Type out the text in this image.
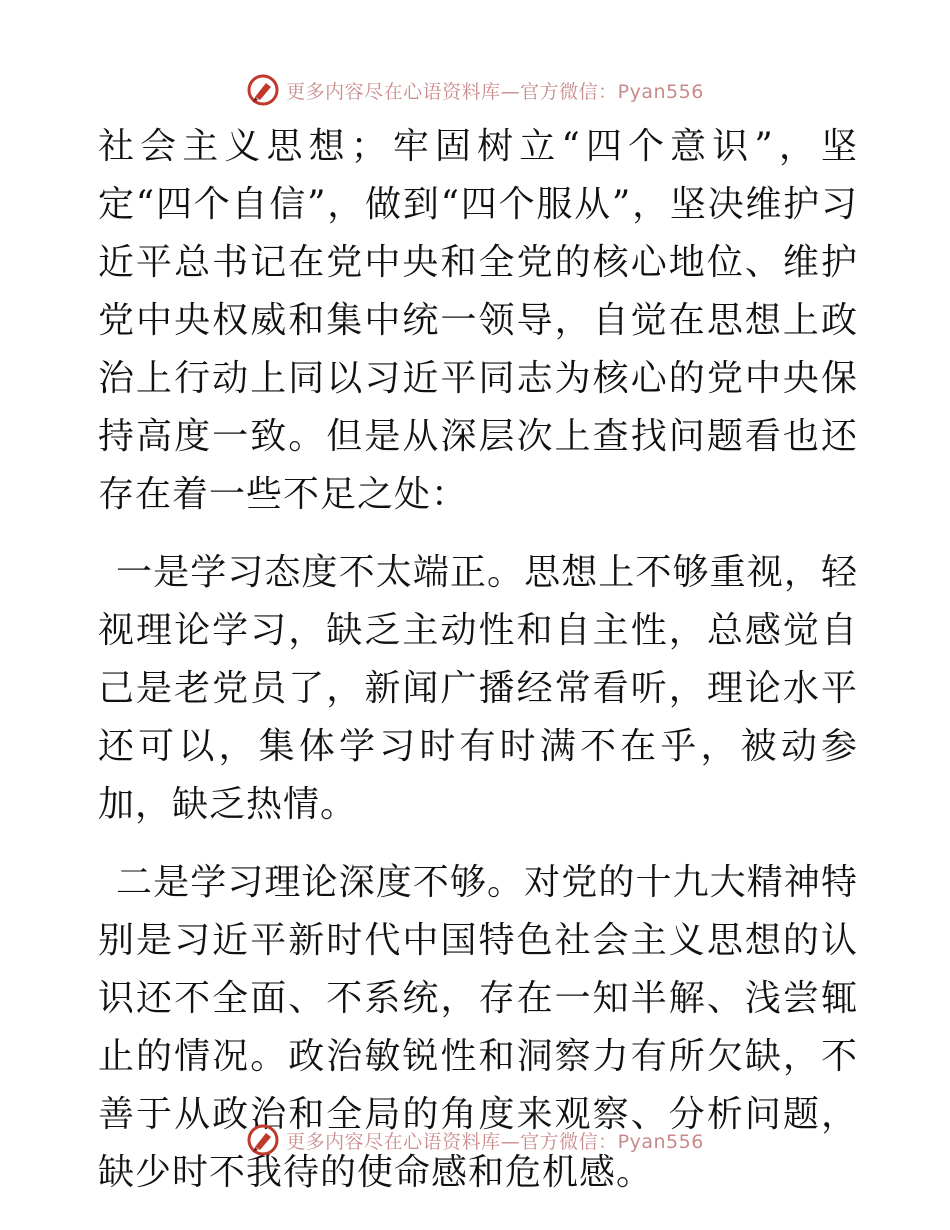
更多内容尽在心语资料库—官方微信：Pyan556

社会主义思想；牢固树立“四个意识”，坚定“四个自信”，做到“四个服从”，坚决维护习近平总书记在党中央和全党的核心地位、维护党中央权威和集中统一领导，自觉在思想上政治上行动上同以习近平同志为核心的党中央保持高度一致。但是从深层次上查找问题看也还存在着一些不足之处：

一是学习态度不太端正。思想上不够重视，轻视理论学习，缺乏主动性和自主性，总感觉自己是老党员了，新闻广播经常看听，理论水平还可以，集体学习时有时满不在乎，被动参加，缺乏热情。

二是学习理论深度不够。对党的十九大精神特别是习近平新时代中国特色社会主义思想的认识还不全面、不系统，存在一知半解、浅尝辄止的情况。政治敏锐性和洞察力有所欠缺，不善于从政治和全局的角度来观察、分析问题，缺少时不我待的使命感和危机感。

更多内容尽在心语资料库—官方微信：Pyan556
